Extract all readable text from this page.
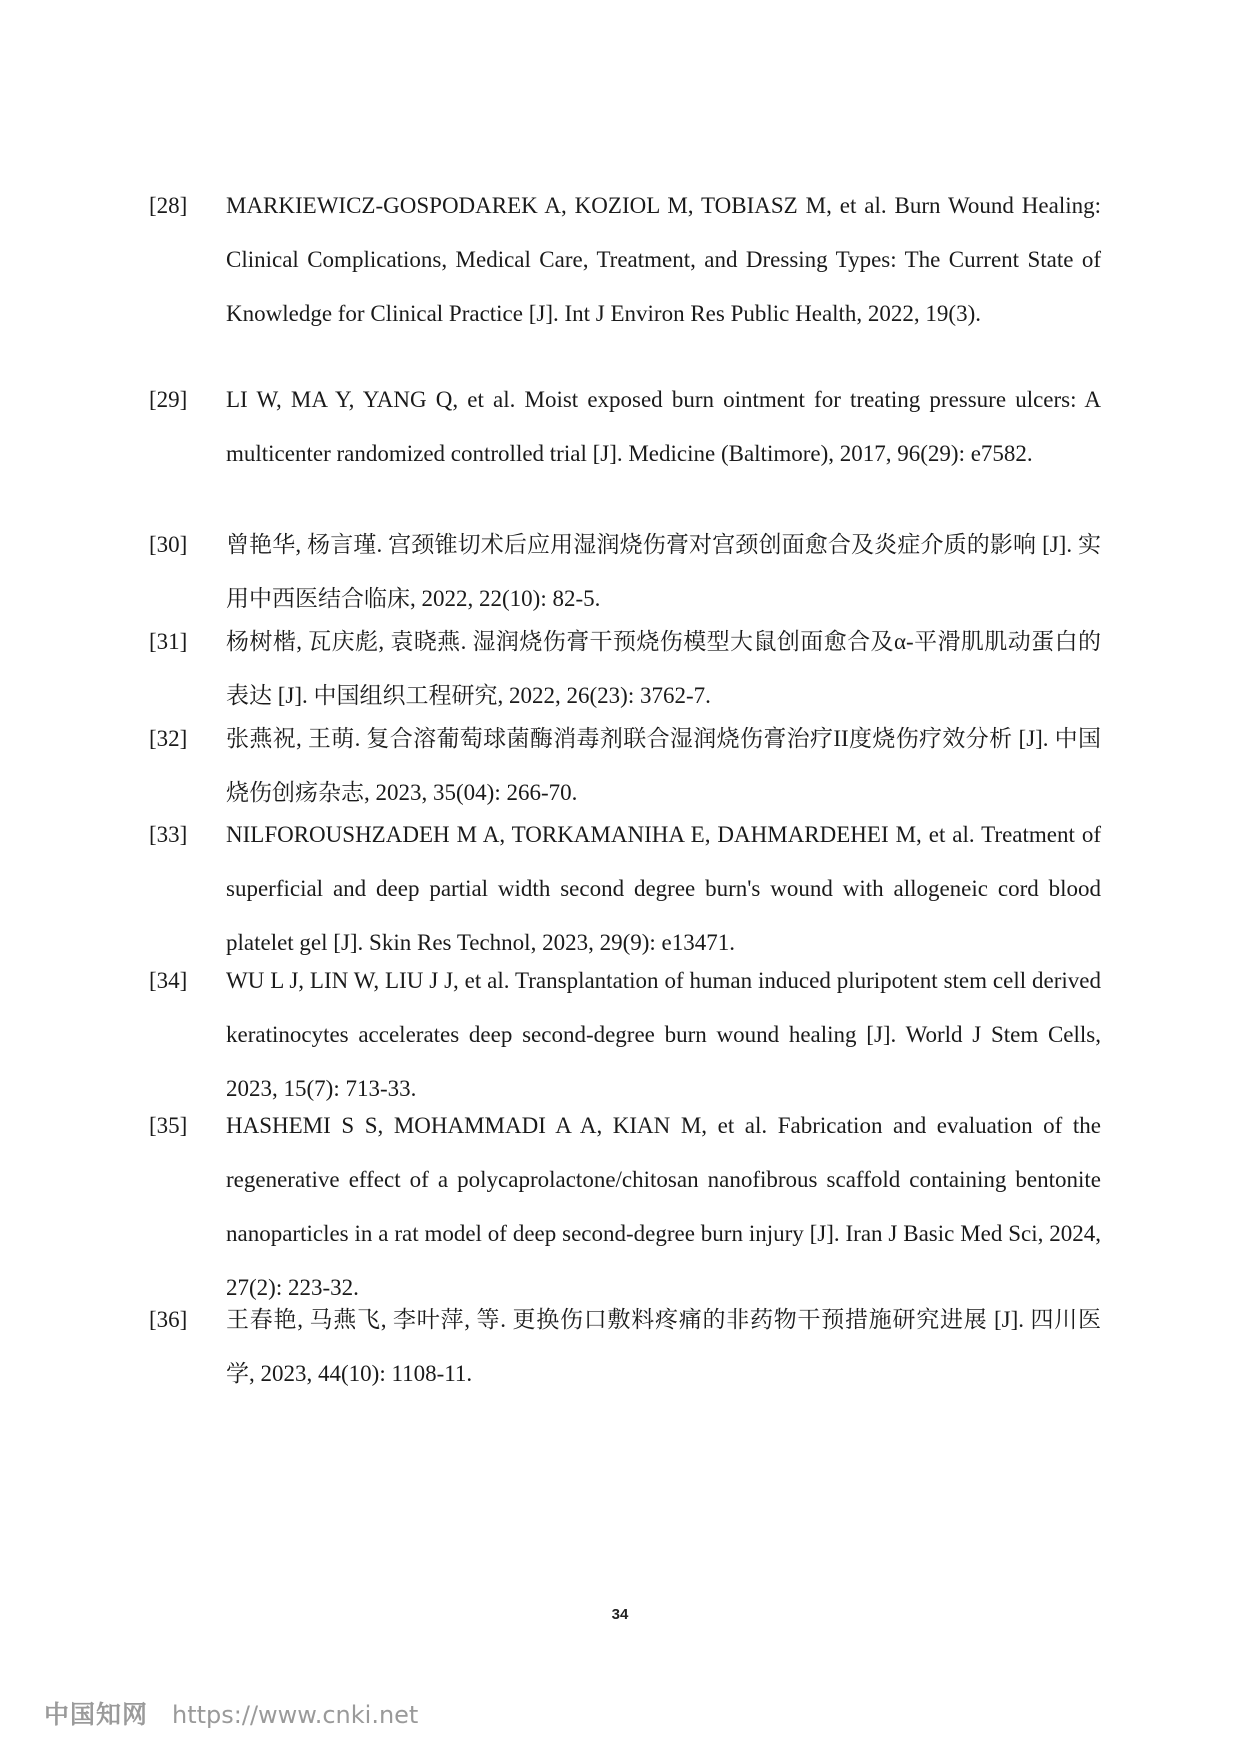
[28] MARKIEWICZ-GOSPODAREK A, KOZIOL M, TOBIASZ M, et al. Burn Wound Healing: Clinical Complications, Medical Care, Treatment, and Dressing Types: The Current State of Knowledge for Clinical Practice [J]. Int J Environ Res Public Health, 2022, 19(3).
[29] LI W, MA Y, YANG Q, et al. Moist exposed burn ointment for treating pressure ulcers: A multicenter randomized controlled trial [J]. Medicine (Baltimore), 2017, 96(29): e7582.
[30] 曾艳华, 杨言瑾. 宫颈锥切术后应用湿润烧伤膏对宫颈创面愈合及炎症介质的影响 [J]. 实用中西医结合临床, 2022, 22(10): 82-5.
[31] 杨树楷, 瓦庆彪, 袁晓燕. 湿润烧伤膏干预烧伤模型大鼠创面愈合及α-平滑肌肌动蛋白的表达 [J]. 中国组织工程研究, 2022, 26(23): 3762-7.
[32] 张燕祝, 王萌. 复合溶葡萄球菌酶消毒剂联合湿润烧伤膏治疗II度烧伤疗效分析 [J]. 中国烧伤创疡杂志, 2023, 35(04): 266-70.
[33] NILFOROUSHZADEH M A, TORKAMANIHA E, DAHMARDEHEI M, et al. Treatment of superficial and deep partial width second degree burn's wound with allogeneic cord blood platelet gel [J]. Skin Res Technol, 2023, 29(9): e13471.
[34] WU L J, LIN W, LIU J J, et al. Transplantation of human induced pluripotent stem cell derived keratinocytes accelerates deep second-degree burn wound healing [J]. World J Stem Cells, 2023, 15(7): 713-33.
[35] HASHEMI S S, MOHAMMADI A A, KIAN M, et al. Fabrication and evaluation of the regenerative effect of a polycaprolactone/chitosan nanofibrous scaffold containing bentonite nanoparticles in a rat model of deep second-degree burn injury [J]. Iran J Basic Med Sci, 2024, 27(2): 223-32.
[36] 王春艳, 马燕飞, 李叶萍, 等. 更换伤口敷料疼痛的非药物干预措施研究进展 [J]. 四川医学, 2023, 44(10): 1108-11.
34
中国知网 https://www.cnki.net
